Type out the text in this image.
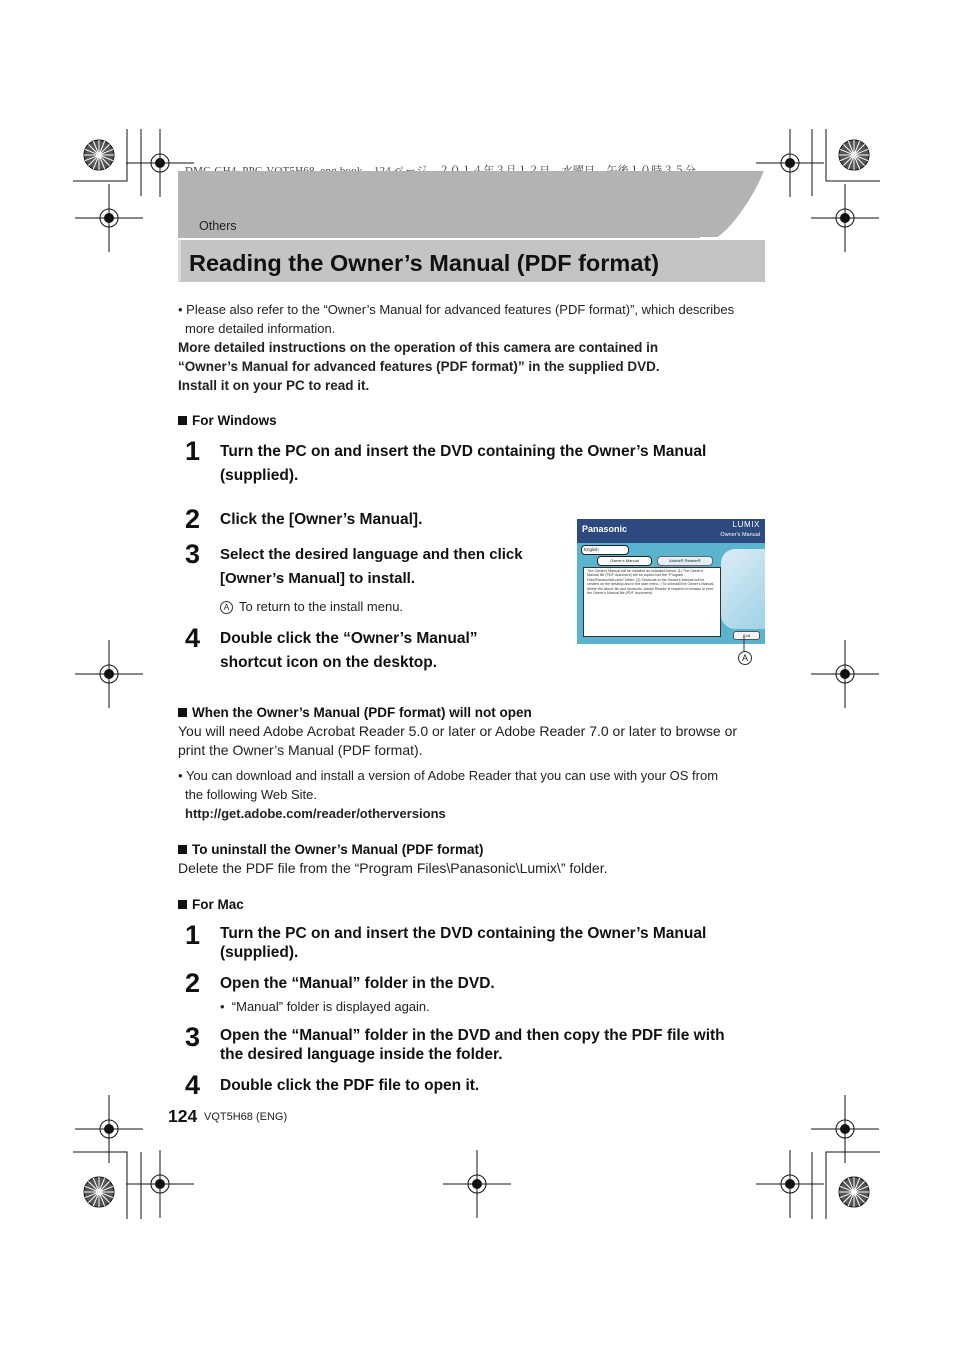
Others
Reading the Owner’s Manual (PDF format)
• Please also refer to the “Owner’s Manual for advanced features (PDF format)”, which describes
more detailed information.
More detailed instructions on the operation of this camera are contained in
“Owner’s Manual for advanced features (PDF format)” in the supplied DVD.
Install it on your PC to read it.
For Windows
1 Turn the PC on and insert the DVD containing the Owner’s Manual
(supplied).
2 Click the [Owner’s Manual].
3 Select the desired language and then click
[Owner’s Manual] to install.
A To return to the install menu.
4 Double click the “Owner’s Manual”
shortcut icon on the desktop.
Panasonic	LUMIX
Owner's Manual
English
Owner's Manual	Adobe® Reader®
The Owner's Manual will be installed as indicated below. (1) The Owner's Manual file (PDF document) will be copied into the "Program Files\Panasonic\Lumix" folder. (2) Shortcuts to the Owner's Manual will be created on the desktop and in the start menu. • To uninstall the Owner's Manual, delete the above file and shortcuts. Adobe Reader is required to browse or print the Owner's Manual file (PDF document).
Exit
A
When the Owner’s Manual (PDF format) will not open
You will need Adobe Acrobat Reader 5.0 or later or Adobe Reader 7.0 or later to browse or
print the Owner’s Manual (PDF format).
• You can download and install a version of Adobe Reader that you can use with your OS from
the following Web Site.
http://get.adobe.com/reader/otherversions
To uninstall the Owner’s Manual (PDF format)
Delete the PDF file from the “Program Files\Panasonic\Lumix\” folder.
For Mac
1 Turn the PC on and insert the DVD containing the Owner’s Manual
(supplied).
2 Open the “Manual” folder in the DVD.
•  “Manual” folder is displayed again.
3 Open the “Manual” folder in the DVD and then copy the PDF file with
the desired language inside the folder.
4 Double click the PDF file to open it.
124 VQT5H68 (ENG)
